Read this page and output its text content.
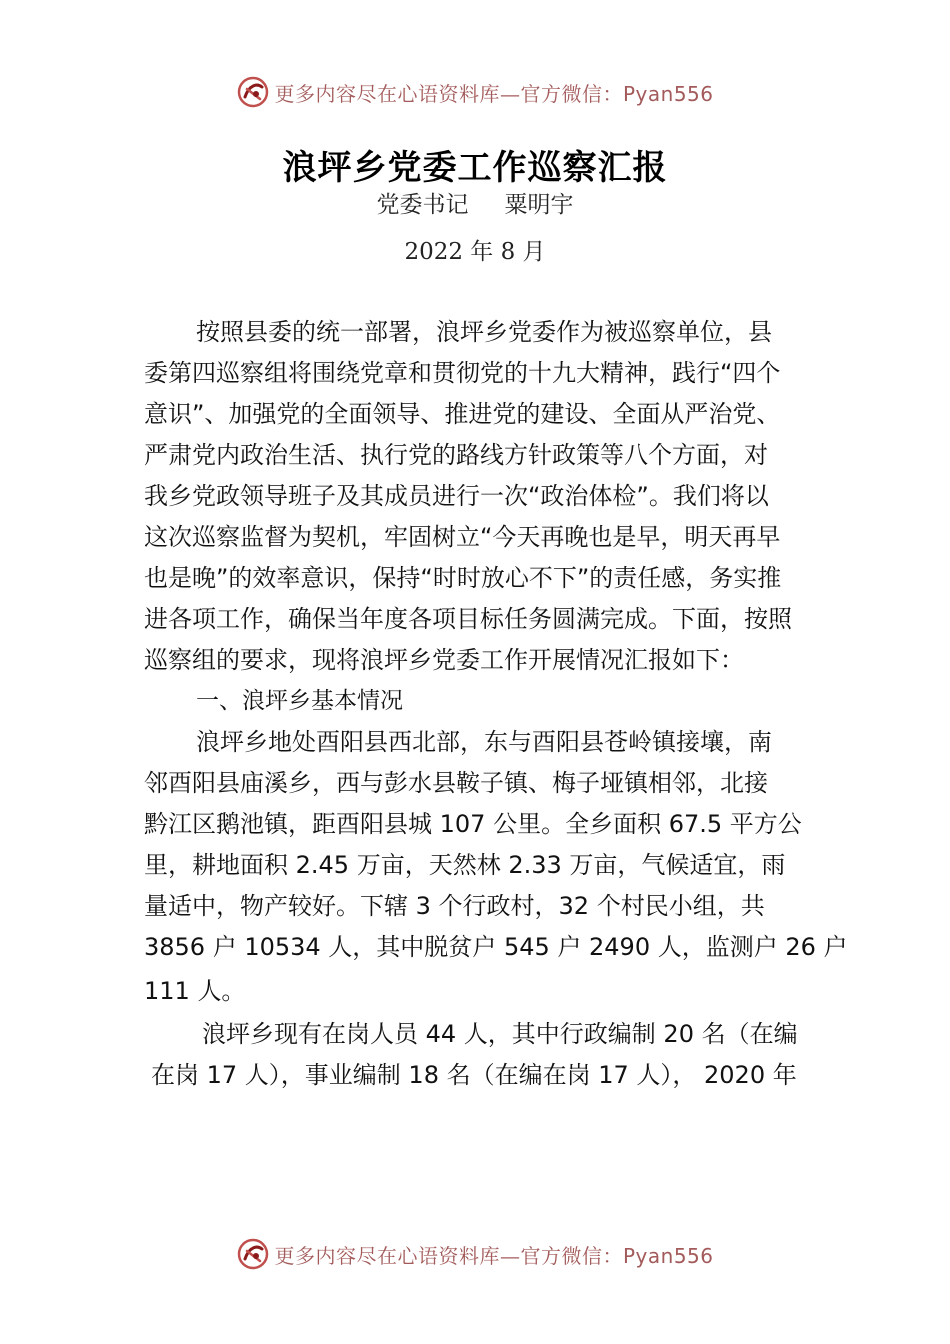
更多内容尽在心语资料库—官方微信：Pyan556
浪坪乡党委工作巡察汇报
党委书记 粟明宇
2022 年 8 月
按照县委的统一部署，浪坪乡党委作为被巡察单位，县
委第四巡察组将围绕党章和贯彻党的十九大精神，践行“四个
意识”、加强党的全面领导、推进党的建设、全面从严治党、
严肃党内政治生活、执行党的路线方针政策等八个方面，对
我乡党政领导班子及其成员进行一次“政治体检”。我们将以
这次巡察监督为契机，牢固树立“今天再晚也是早，明天再早
也是晚”的效率意识，保持“时时放心不下”的责任感，务实推
进各项工作，确保当年度各项目标任务圆满完成。下面，按照
巡察组的要求，现将浪坪乡党委工作开展情况汇报如下：
一、浪坪乡基本情况
浪坪乡地处酉阳县西北部，东与酉阳县苍岭镇接壤，南
邻酉阳县庙溪乡，西与彭水县鞍子镇、梅子垭镇相邻，北接
黔江区鹅池镇，距酉阳县城 107 公里。全乡面积 67.5 平方公
里，耕地面积 2.45 万亩，天然林 2.33 万亩，气候适宜，雨
量适中，物产较好。下辖 3 个行政村，32 个村民小组，共
3856 户 10534 人，其中脱贫户 545 户 2490 人，监测户 26 户
111 人。
浪坪乡现有在岗人员 44 人，其中行政编制 20 名（在编
在岗 17 人），事业编制 18 名（在编在岗 17 人）， 2020 年
更多内容尽在心语资料库—官方微信：Pyan556
